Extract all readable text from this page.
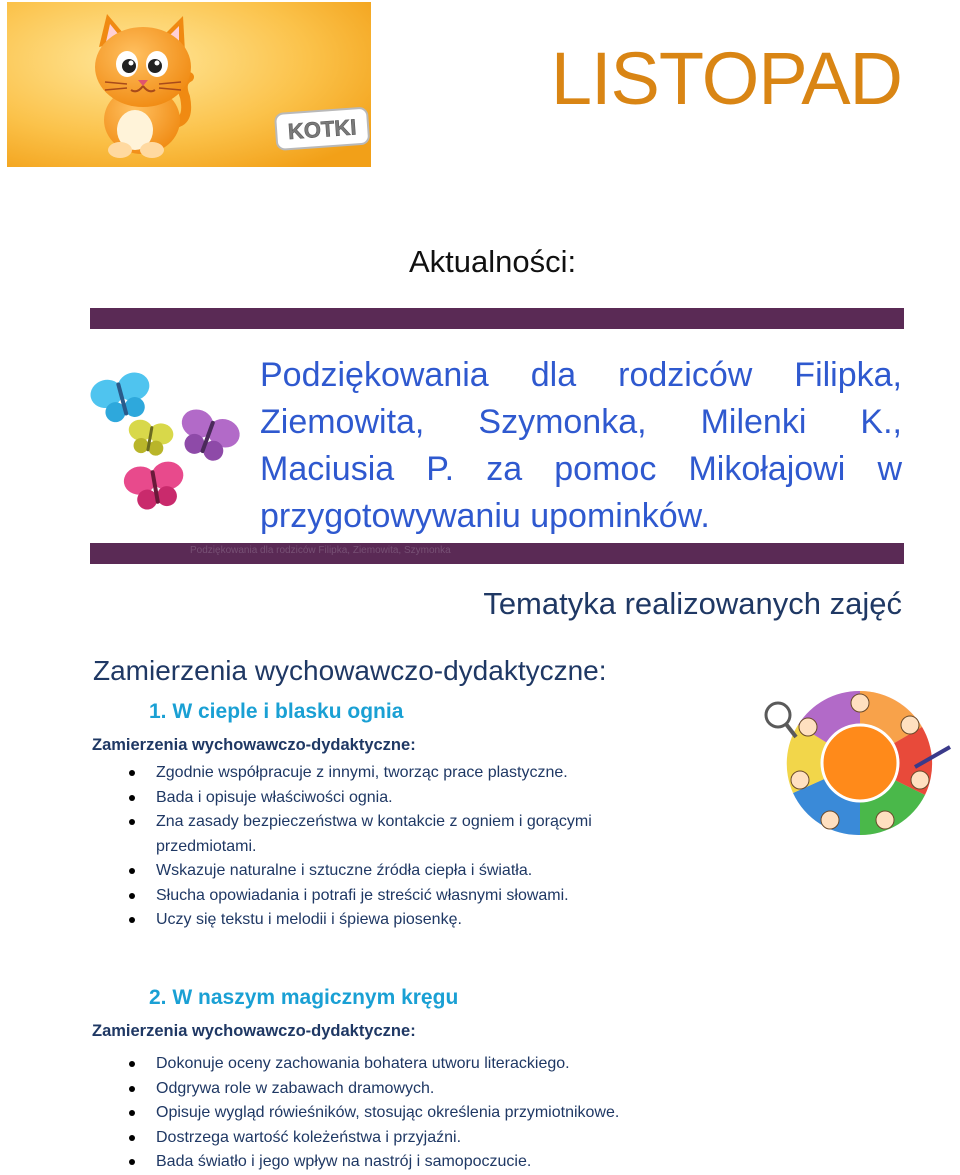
KOTKI
LISTOPAD
Aktualności:
Podziękowania dla rodziców Filipka, Ziemowita, Szymonka, Milenki K., Maciusia P. za pomoc Mikołajowi w przygotowywaniu upominków.
Podziękowania dla rodziców Filipka, Ziemowita, Szymonka
Tematyka realizowanych zajęć
Zamierzenia wychowawczo-dydaktyczne:
1. W cieple i blasku ognia
Zamierzenia wychowawczo-dydaktyczne:
Zgodnie współpracuje z innymi, tworząc prace plastyczne.
Bada i opisuje właściwości ognia.
Zna zasady bezpieczeństwa w kontakcie z ogniem i gorącymi przedmiotami.
Wskazuje naturalne i sztuczne źródła ciepła i światła.
Słucha opowiadania i potrafi je streścić własnymi słowami.
Uczy się tekstu i melodii i śpiewa piosenkę.
2. W naszym magicznym kręgu
Zamierzenia wychowawczo-dydaktyczne:
Dokonuje oceny zachowania bohatera utworu literackiego.
Odgrywa role w zabawach dramowych.
Opisuje wygląd rówieśników, stosując określenia przymiotnikowe.
Dostrzega wartość koleżeństwa i przyjaźni.
Bada światło i jego wpływ na nastrój i samopoczucie.
